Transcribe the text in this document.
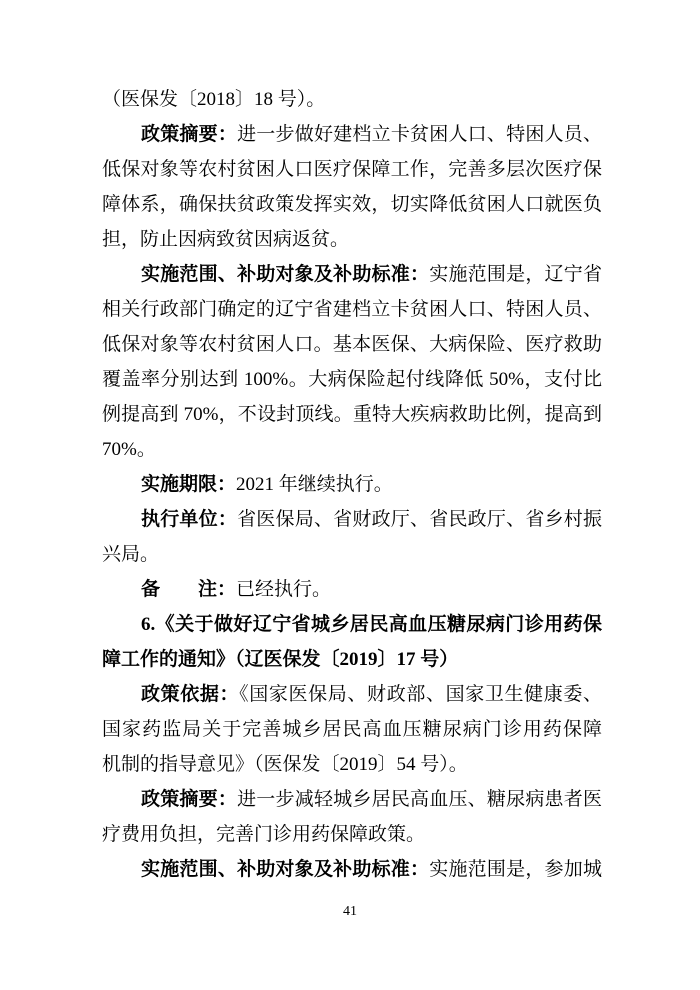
（医保发〔2018〕18 号）。
政策摘要：进一步做好建档立卡贫困人口、特困人员、
低保对象等农村贫困人口医疗保障工作，完善多层次医疗保
障体系，确保扶贫政策发挥实效，切实降低贫困人口就医负
担，防止因病致贫因病返贫。
实施范围、补助对象及补助标准：实施范围是，辽宁省
相关行政部门确定的辽宁省建档立卡贫困人口、特困人员、
低保对象等农村贫困人口。基本医保、大病保险、医疗救助
覆盖率分别达到 100%。大病保险起付线降低 50%，支付比
例提高到 70%，不设封顶线。重特大疾病救助比例，提高到
70%。
实施期限：2021 年继续执行。
执行单位：省医保局、省财政厅、省民政厅、省乡村振
兴局。
备　　注：已经执行。
6.《关于做好辽宁省城乡居民高血压糖尿病门诊用药保
障工作的通知》（辽医保发〔2019〕17 号）
政策依据：《国家医保局、财政部、国家卫生健康委、
国家药监局关于完善城乡居民高血压糖尿病门诊用药保障
机制的指导意见》（医保发〔2019〕54 号）。
政策摘要：进一步减轻城乡居民高血压、糖尿病患者医
疗费用负担，完善门诊用药保障政策。
实施范围、补助对象及补助标准：实施范围是，参加城
41
